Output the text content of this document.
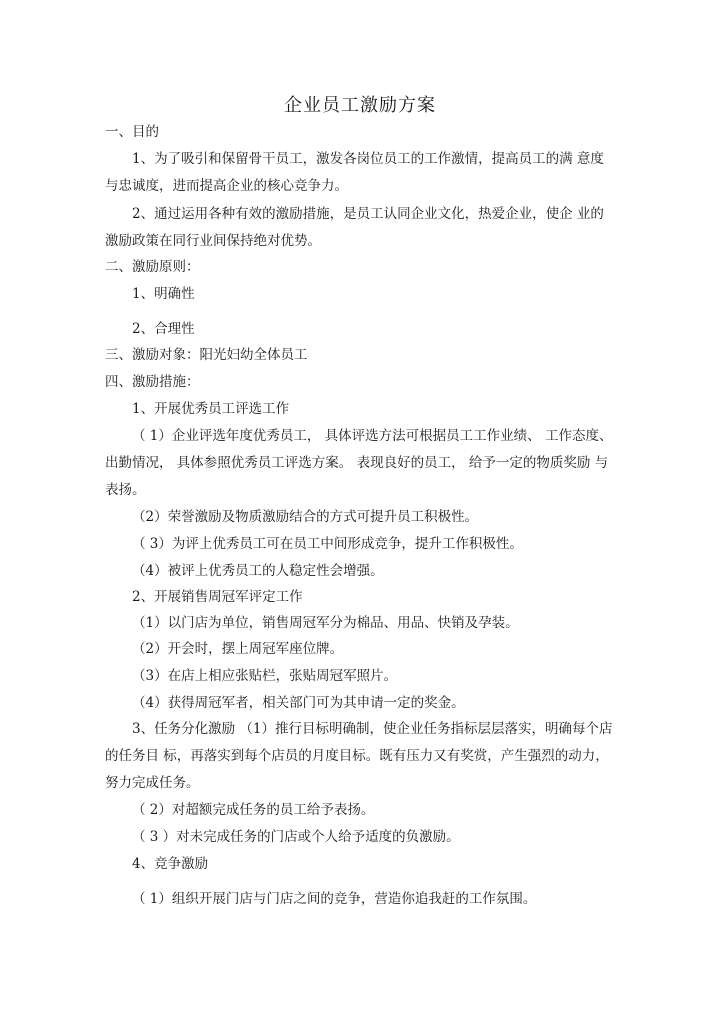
企业员工激励方案
一、目的
1、为了吸引和保留骨干员工，激发各岗位员工的工作激情，提高员工的满 意度
与忠诚度，进而提高企业的核心竞争力。
2、通过运用各种有效的激励措施，是员工认同企业文化，热爱企业，使企 业的
激励政策在同行业间保持绝对优势。
二、激励原则：
1、明确性
2、合理性
三、激励对象：阳光妇幼全体员工
四、激励措施：
1、开展优秀员工评选工作
（ 1）企业评选年度优秀员工， 具体评选方法可根据员工工作业绩、 工作态度、
出勤情况， 具体参照优秀员工评选方案。 表现良好的员工， 给予一定的物质奖励 与
表扬。
（2）荣誉激励及物质激励结合的方式可提升员工积极性。
（ 3）为评上优秀员工可在员工中间形成竞争，提升工作积极性。
（4）被评上优秀员工的人稳定性会增强。
2、开展销售周冠军评定工作
（1）以门店为单位，销售周冠军分为棉品、用品、快销及孕装。
（2）开会时，摆上周冠军座位牌。
（3）在店上相应张贴栏，张贴周冠军照片。
（4）获得周冠军者，相关部门可为其申请一定的奖金。
3、任务分化激励 （1）推行目标明确制，使企业任务指标层层落实，明确每个店
的任务目 标，再落实到每个店员的月度目标。既有压力又有奖赏，产生强烈的动力，
努力完成任务。
（ 2）对超额完成任务的员工给予表扬。
（ 3 ）对未完成任务的门店或个人给予适度的负激励。
4、竞争激励
（ 1）组织开展门店与门店之间的竞争，营造你追我赶的工作氛围。
